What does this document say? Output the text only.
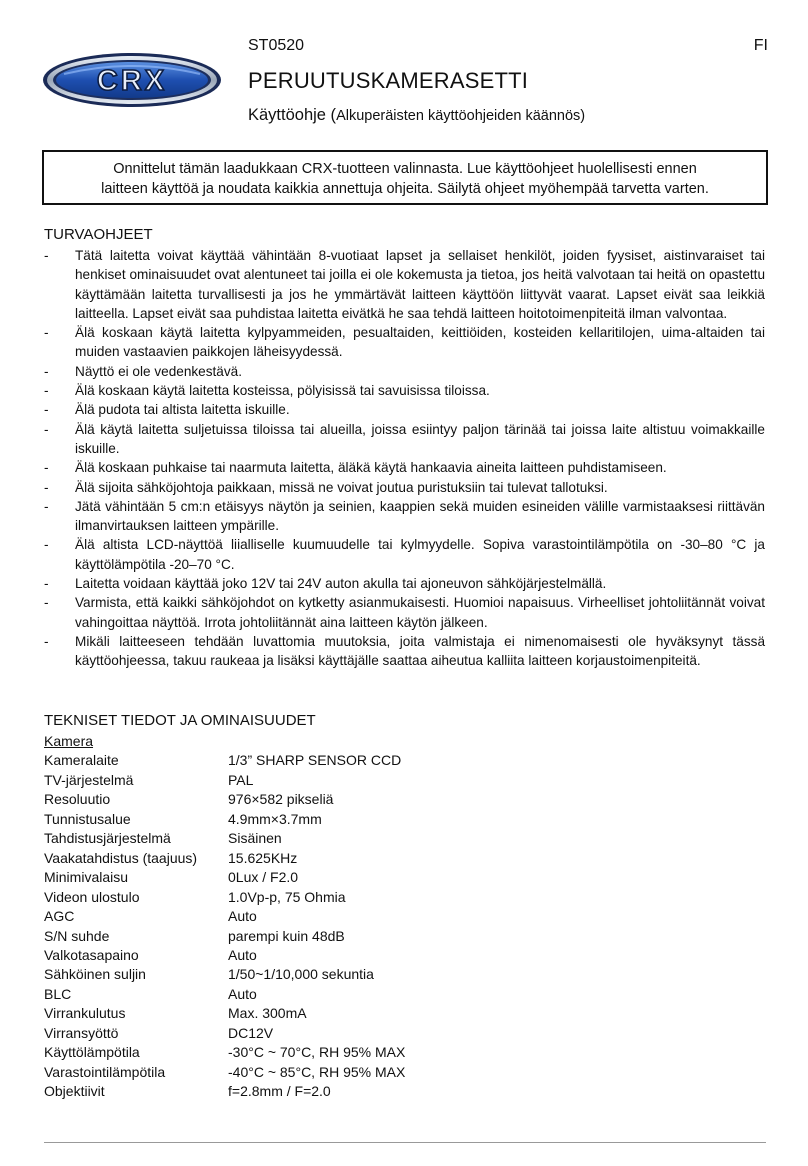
CRX
ST0520	FI
PERUUTUSKAMERASETTI
Käyttöohje (Alkuperäisten käyttöohjeiden käännös)
Onnittelut tämän laadukkaan CRX-tuotteen valinnasta. Lue käyttöohjeet huolellisesti ennen
laitteen käyttöä ja noudata kaikkia annettuja ohjeita. Säilytä ohjeet myöhempää tarvetta varten.
TURVAOHJEET
-	Tätä laitetta voivat käyttää vähintään 8-vuotiaat lapset ja sellaiset henkilöt, joiden fyysiset, aistinvaraiset tai henkiset ominaisuudet ovat alentuneet tai joilla ei ole kokemusta ja tietoa, jos heitä valvotaan tai heitä on opastettu käyttämään laitetta turvallisesti ja jos he ymmärtävät laitteen käyttöön liittyvät vaarat. Lapset eivät saa leikkiä laitteella. Lapset eivät saa puhdistaa laitetta eivätkä he saa tehdä laitteen hoitotoimenpiteitä ilman valvontaa.
-	Älä koskaan käytä laitetta kylpyammeiden, pesualtaiden, keittiöiden, kosteiden kellaritilojen, uima-altaiden tai muiden vastaavien paikkojen läheisyydessä.
-	Näyttö ei ole vedenkestävä.
-	Älä koskaan käytä laitetta kosteissa, pölyisissä tai savuisissa tiloissa.
-	Älä pudota tai altista laitetta iskuille.
-	Älä käytä laitetta suljetuissa tiloissa tai alueilla, joissa esiintyy paljon tärinää tai joissa laite altistuu voimakkaille iskuille.
-	Älä koskaan puhkaise tai naarmuta laitetta, äläkä käytä hankaavia aineita laitteen puhdistamiseen.
-	Älä sijoita sähköjohtoja paikkaan, missä ne voivat joutua puristuksiin tai tulevat tallotuksi.
-	Jätä vähintään 5 cm:n etäisyys näytön ja seinien, kaappien sekä muiden esineiden välille varmistaaksesi riittävän ilmanvirtauksen laitteen ympärille.
-	Älä altista LCD-näyttöä liialliselle kuumuudelle tai kylmyydelle. Sopiva varastointilämpötila on -30–80 °C ja käyttölämpötila -20–70 °C.
-	Laitetta voidaan käyttää joko 12V tai 24V auton akulla tai ajoneuvon sähköjärjestelmällä.
-	Varmista, että kaikki sähköjohdot on kytketty asianmukaisesti. Huomioi napaisuus. Virheelliset johtoliitännät voivat vahingoittaa näyttöä. Irrota johtoliitännät aina laitteen käytön jälkeen.
-	Mikäli laitteeseen tehdään luvattomia muutoksia, joita valmistaja ei nimenomaisesti ole hyväksynyt tässä käyttöohjeessa, takuu raukeaa ja lisäksi käyttäjälle saattaa aiheutua kalliita laitteen korjaustoimenpiteitä.
TEKNISET TIEDOT JA OMINAISUUDET
Kamera
Kameralaite	1/3” SHARP SENSOR CCD
TV-järjestelmä	PAL
Resoluutio	976×582 pikseliä
Tunnistusalue	4.9mm×3.7mm
Tahdistusjärjestelmä	Sisäinen
Vaakatahdistus (taajuus)	15.625KHz
Minimivalaisu	0Lux / F2.0
Videon ulostulo	1.0Vp-p, 75 Ohmia
AGC	Auto
S/N suhde	parempi kuin 48dB
Valkotasapaino	Auto
Sähköinen suljin	1/50~1/10,000 sekuntia
BLC	Auto
Virrankulutus	Max. 300mA
Virransyöttö	DC12V
Käyttölämpötila	-30°C ~ 70°C, RH 95% MAX
Varastointilämpötila	-40°C ~ 85°C, RH 95% MAX
Objektiivit	f=2.8mm / F=2.0
